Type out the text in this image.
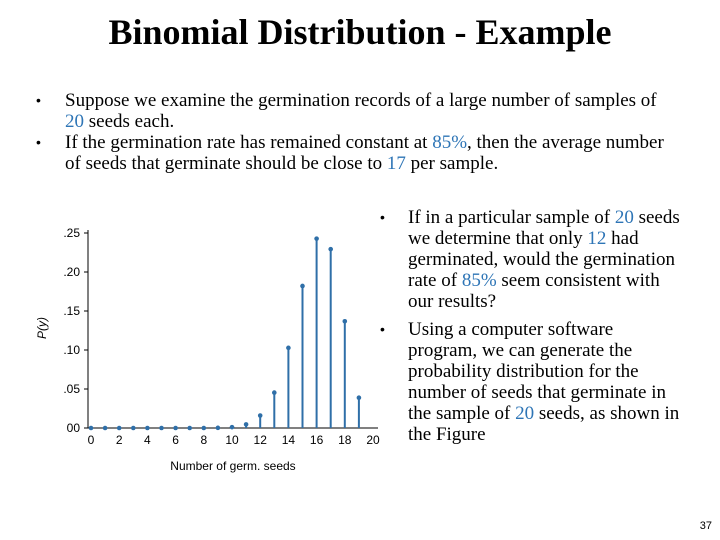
Binomial Distribution - Example
• Suppose we examine the germination records of a large number of samples of 20 seeds each.
• If the germination rate has remained constant at 85%, then the average number of seeds that germinate should be close to 17 per sample.
00
.05
.10
.15
.20
.25
0 2 4 6 8 10 12 14 16 18 20
P(y)
Number of germ. seeds
• If in a particular sample of 20 seeds we determine that only 12 had germinated, would the germination rate of 85% seem consistent with our results?
• Using a computer software program, we can generate the probability distribution for the number of seeds that germinate in the sample of 20 seeds, as shown in the Figure
37
